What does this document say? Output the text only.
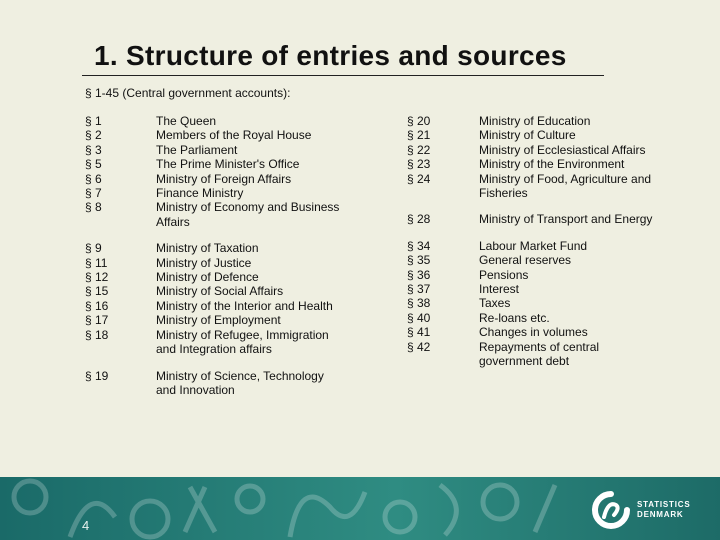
1. Structure of entries and sources
§ 1-45 (Central government accounts):
§ 1	The Queen
§ 2	Members of the Royal House
§ 3	The Parliament
§ 5	The Prime Minister's Office
§ 6	Ministry of Foreign Affairs
§ 7	Finance Ministry
§ 8	Ministry of Economy and Business Affairs
§ 9	Ministry of Taxation
§ 11	Ministry of Justice
§ 12	Ministry of Defence
§ 15	Ministry of Social Affairs
§ 16	Ministry of the Interior and Health
§ 17	Ministry of Employment
§ 18	Ministry of Refugee, Immigration and Integration affairs
§ 19	Ministry of Science, Technology and Innovation
§ 20	Ministry of Education
§ 21	Ministry of Culture
§ 22	Ministry of Ecclesiastical Affairs
§ 23	Ministry of the Environment
§ 24	Ministry of Food, Agriculture and Fisheries
§ 28	Ministry of Transport and Energy
§ 34	Labour Market Fund
§ 35	General reserves
§ 36	Pensions
§ 37	Interest
§ 38	Taxes
§ 40	Re-loans etc.
§ 41	Changes in volumes
§ 42	Repayments of central government debt
4
STATISTICS
DENMARK
